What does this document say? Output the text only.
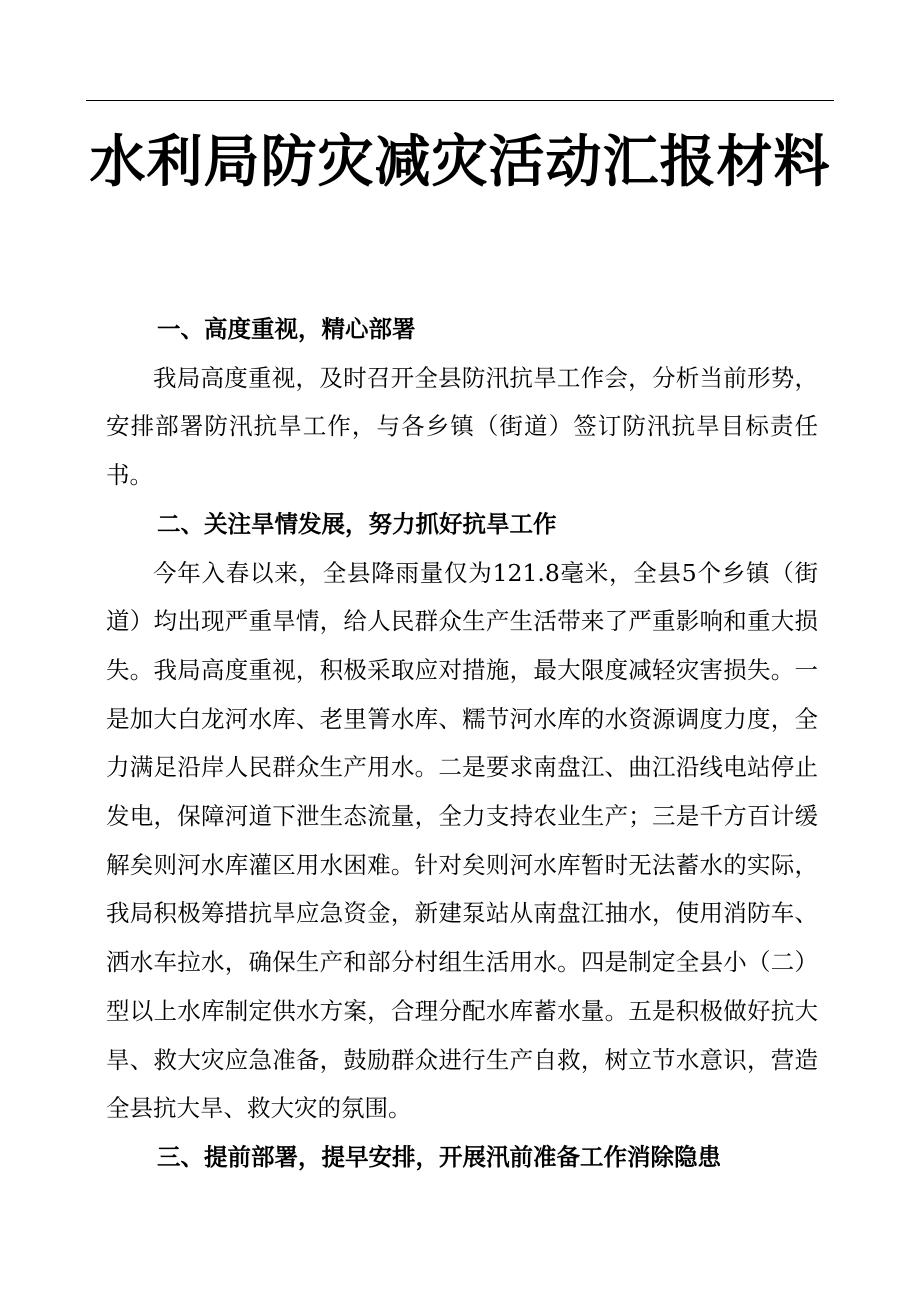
水利局防灾减灾活动汇报材料

一、高度重视，精心部署

我局高度重视，及时召开全县防汛抗旱工作会，分析当前形势，安排部署防汛抗旱工作，与各乡镇（街道）签订防汛抗旱目标责任书。

二、关注旱情发展，努力抓好抗旱工作

今年入春以来，全县降雨量仅为121.8毫米，全县5个乡镇（街道）均出现严重旱情，给人民群众生产生活带来了严重影响和重大损失。我局高度重视，积极采取应对措施，最大限度减轻灾害损失。一是加大白龙河水库、老里箐水库、糯节河水库的水资源调度力度，全力满足沿岸人民群众生产用水。二是要求南盘江、曲江沿线电站停止发电，保障河道下泄生态流量，全力支持农业生产；三是千方百计缓解矣则河水库灌区用水困难。针对矣则河水库暂时无法蓄水的实际，我局积极筹措抗旱应急资金，新建泵站从南盘江抽水，使用消防车、洒水车拉水，确保生产和部分村组生活用水。四是制定全县小（二）型以上水库制定供水方案，合理分配水库蓄水量。五是积极做好抗大旱、救大灾应急准备，鼓励群众进行生产自救，树立节水意识，营造全县抗大旱、救大灾的氛围。

三、提前部署，提早安排，开展汛前准备工作消除隐患
